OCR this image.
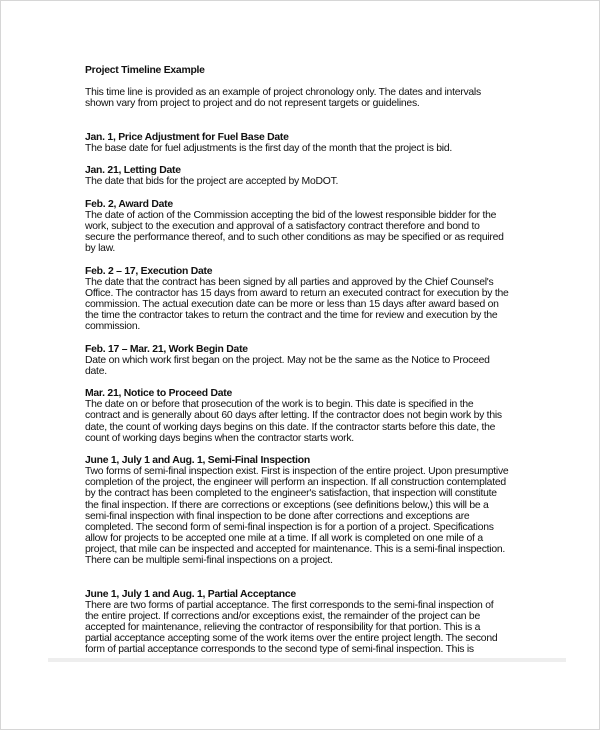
Project Timeline Example
This time line is provided as an example of project chronology only. The dates and intervals
shown vary from project to project and do not represent targets or guidelines.
Jan. 1, Price Adjustment for Fuel Base Date
The base date for fuel adjustments is the first day of the month that the project is bid.
Jan. 21, Letting Date
The date that bids for the project are accepted by MoDOT.
Feb. 2, Award Date
The date of action of the Commission accepting the bid of the lowest responsible bidder for the
work, subject to the execution and approval of a satisfactory contract therefore and bond to
secure the performance thereof, and to such other conditions as may be specified or as required
by law.
Feb. 2 – 17, Execution Date
The date that the contract has been signed by all parties and approved by the Chief Counsel's
Office. The contractor has 15 days from award to return an executed contract for execution by the
commission. The actual execution date can be more or less than 15 days after award based on
the time the contractor takes to return the contract and the time for review and execution by the
commission.
Feb. 17 – Mar. 21, Work Begin Date
Date on which work first began on the project. May not be the same as the Notice to Proceed
date.
Mar. 21, Notice to Proceed Date
The date on or before that prosecution of the work is to begin. This date is specified in the
contract and is generally about 60 days after letting. If the contractor does not begin work by this
date, the count of working days begins on this date. If the contractor starts before this date, the
count of working days begins when the contractor starts work.
June 1, July 1 and Aug. 1, Semi-Final Inspection
Two forms of semi-final inspection exist. First is inspection of the entire project. Upon presumptive
completion of the project, the engineer will perform an inspection. If all construction contemplated
by the contract has been completed to the engineer's satisfaction, that inspection will constitute
the final inspection. If there are corrections or exceptions (see definitions below,) this will be a
semi-final inspection with final inspection to be done after corrections and exceptions are
completed. The second form of semi-final inspection is for a portion of a project. Specifications
allow for projects to be accepted one mile at a time. If all work is completed on one mile of a
project, that mile can be inspected and accepted for maintenance. This is a semi-final inspection.
There can be multiple semi-final inspections on a project.
June 1, July 1 and Aug. 1, Partial Acceptance
There are two forms of partial acceptance. The first corresponds to the semi-final inspection of
the entire project. If corrections and/or exceptions exist, the remainder of the project can be
accepted for maintenance, relieving the contractor of responsibility for that portion. This is a
partial acceptance accepting some of the work items over the entire project length. The second
form of partial acceptance corresponds to the second type of semi-final inspection. This is
